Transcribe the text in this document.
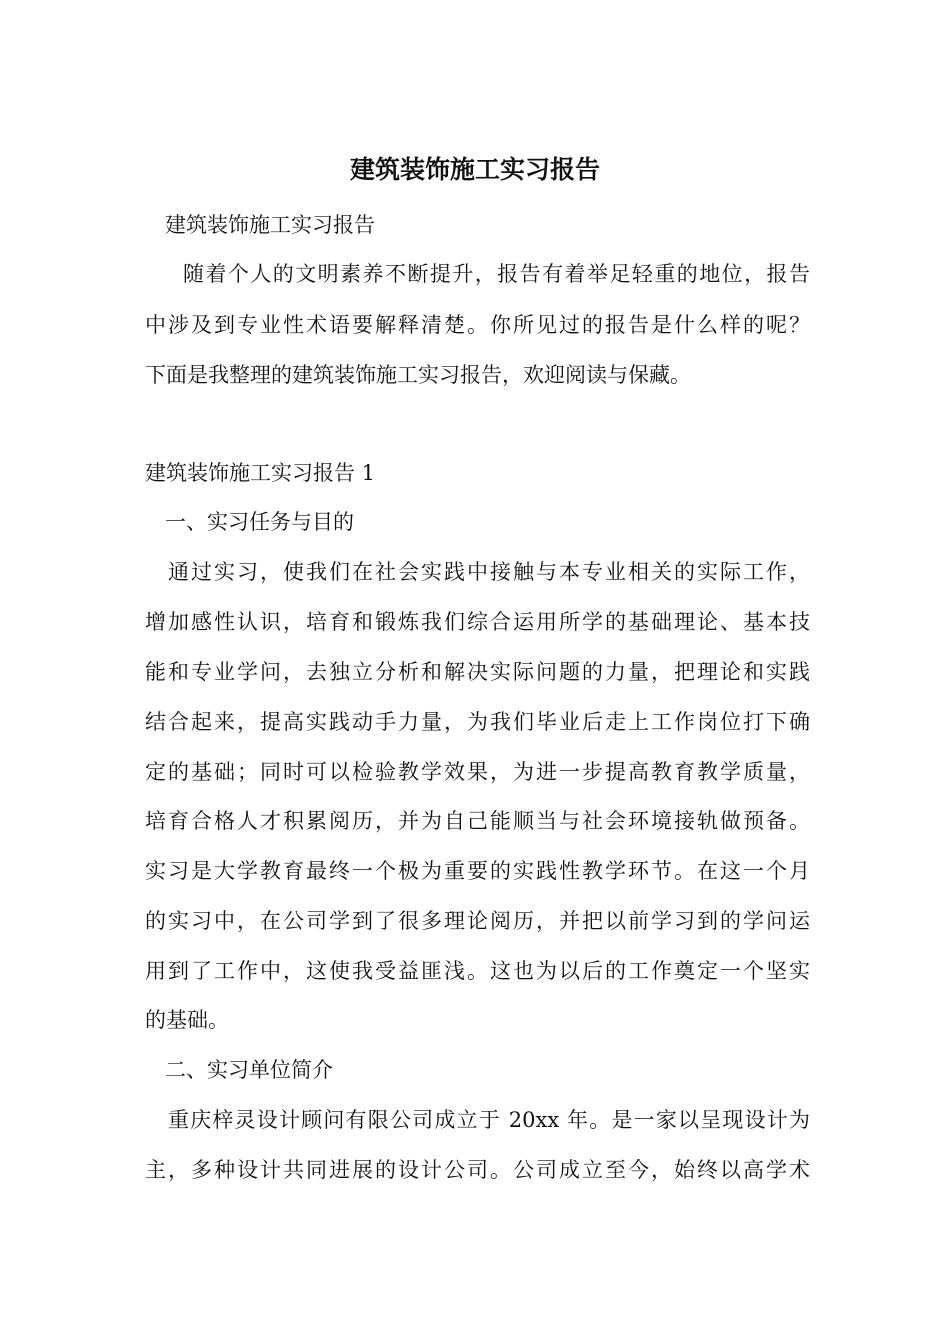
建筑装饰施工实习报告
建筑装饰施工实习报告
随着个人的文明素养不断提升，报告有着举足轻重的地位，报告
中涉及到专业性术语要解释清楚。你所见过的报告是什么样的呢？
下面是我整理的建筑装饰施工实习报告，欢迎阅读与保藏。
建筑装饰施工实习报告 1
一、实习任务与目的
通过实习，使我们在社会实践中接触与本专业相关的实际工作，
增加感性认识，培育和锻炼我们综合运用所学的基础理论、基本技
能和专业学问，去独立分析和解决实际问题的力量，把理论和实践
结合起来，提高实践动手力量，为我们毕业后走上工作岗位打下确
定的基础；同时可以检验教学效果，为进一步提高教育教学质量，
培育合格人才积累阅历，并为自己能顺当与社会环境接轨做预备。
实习是大学教育最终一个极为重要的实践性教学环节。在这一个月
的实习中，在公司学到了很多理论阅历，并把以前学习到的学问运
用到了工作中，这使我受益匪浅。这也为以后的工作奠定一个坚实
的基础。
二、实习单位简介
重庆梓灵设计顾问有限公司成立于 20xx 年。是一家以呈现设计为
主，多种设计共同进展的设计公司。公司成立至今，始终以高学术
